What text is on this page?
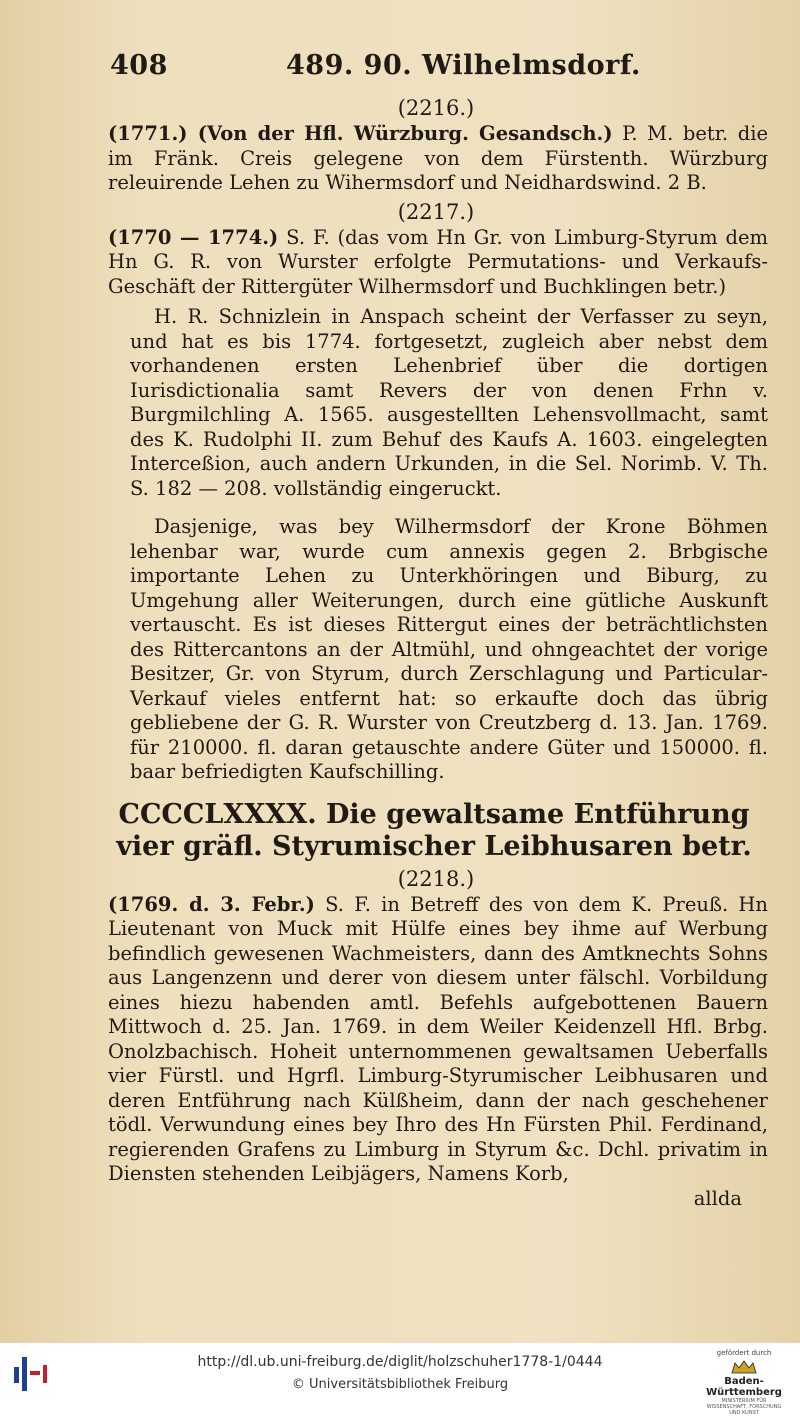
408	489. 90. Wilhelmsdorf.
(2216.)
(1771.) (Von der Hfl. Würzburg. Gesandsch.) P. M. betr. die im Fränk. Creis gelegene von dem Fürstenth. Würzburg releuirende Lehen zu Wihermsdorf und Neidhardswind. 2 B.
(2217.)
(1770 — 1774.) S. F. (das vom Hn Gr. von Limburg-Styrum dem Hn G. R. von Wurster erfolgte Permutations- und Verkaufs-Geschäft der Rittergüter Wilhermsdorf und Buchklingen betr.)
H. R. Schnizlein in Anspach scheint der Verfasser zu seyn, und hat es bis 1774. fortgesetzt, zugleich aber nebst dem vorhandenen ersten Lehenbrief über die dortigen Iurisdictionalia samt Revers der von denen Frhn v. Burgmilchling A. 1565. ausgestellten Lehensvollmacht, samt des K. Rudolphi II. zum Behuf des Kaufs A. 1603. eingelegten Interceßion, auch andern Urkunden, in die Sel. Norimb. V. Th. S. 182 — 208. vollständig eingeruckt.
Dasjenige, was bey Wilhermsdorf der Krone Böhmen lehenbar war, wurde cum annexis gegen 2. Brbgische importante Lehen zu Unterkhöringen und Biburg, zu Umgehung aller Weiterungen, durch eine gütliche Auskunft vertauscht. Es ist dieses Rittergut eines der beträchtlichsten des Rittercantons an der Altmühl, und ohngeachtet der vorige Besitzer, Gr. von Styrum, durch Zerschlagung und Particular-Verkauf vieles entfernt hat: so erkaufte doch das übrig gebliebene der G. R. Wurster von Creutzberg d. 13. Jan. 1769. für 210000. fl. daran getauschte andere Güter und 150000. fl. baar befriedigten Kaufschilling.
CCCCLXXXX. Die gewaltsame Entführung vier gräfl. Styrumischer Leibhusaren betr.
(2218.)
(1769. d. 3. Febr.) S. F. in Betreff des von dem K. Preuß. Hn Lieutenant von Muck mit Hülfe eines bey ihme auf Werbung befindlich gewesenen Wachmeisters, dann des Amtknechts Sohns aus Langenzenn und derer von diesem unter fälschl. Vorbildung eines hiezu habenden amtl. Befehls aufgebottenen Bauern Mittwoch d. 25. Jan. 1769. in dem Weiler Keidenzell Hfl. Brbg. Onolzbachisch. Hoheit unternommenen gewaltsamen Ueberfalls vier Fürstl. und Hgrfl. Limburg-Styrumischer Leibhusaren und deren Entführung nach Külßheim, dann der nach geschehener tödl. Verwundung eines bey Ihro des Hn Fürsten Phil. Ferdinand, regierenden Grafens zu Limburg in Styrum &c. Dchl. privatim in Diensten stehenden Leibjägers, Namens Korb,
allda
http://dl.ub.uni-freiburg.de/diglit/holzschuher1778-1/0444
© Universitätsbibliothek Freiburg
gefördert durch
Baden-Württemberg
MINISTERIUM FÜR WISSENSCHAFT, FORSCHUNG UND KUNST
